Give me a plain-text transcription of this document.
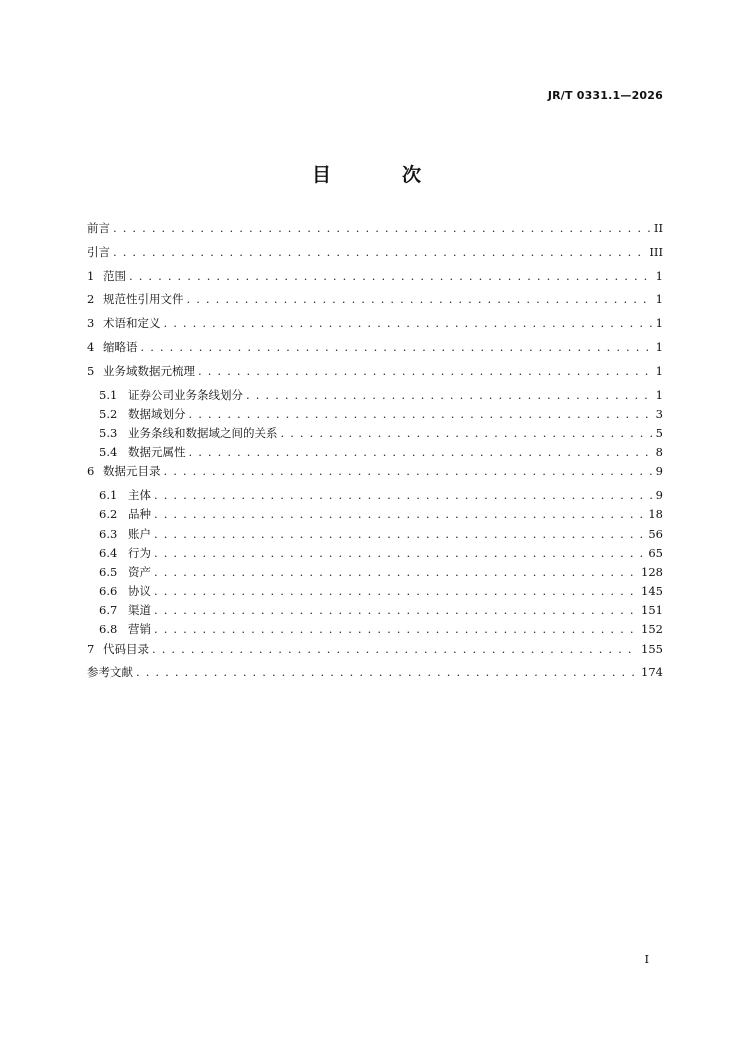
JR/T 0331.1—2026
目　次
前言 . . .	II
引言 . . .	III
1 范围 . . .	1
2 规范性引用文件 . . .	1
3 术语和定义 . . .	1
4 缩略语 . . .	1
5 业务域数据元梳理 . . .	1
5.1 证券公司业务条线划分 . . .	1
5.2 数据域划分 . . .	3
5.3 业务条线和数据域之间的关系 . . .	5
5.4 数据元属性 . . .	8
6 数据元目录 . . .	9
6.1 主体 . . .	9
6.2 品种 . . .	18
6.3 账户 . . .	56
6.4 行为 . . .	65
6.5 资产 . . .	128
6.6 协议 . . .	145
6.7 渠道 . . .	151
6.8 营销 . . .	152
7 代码目录 . . .	155
参考文献 . . .	174
I
